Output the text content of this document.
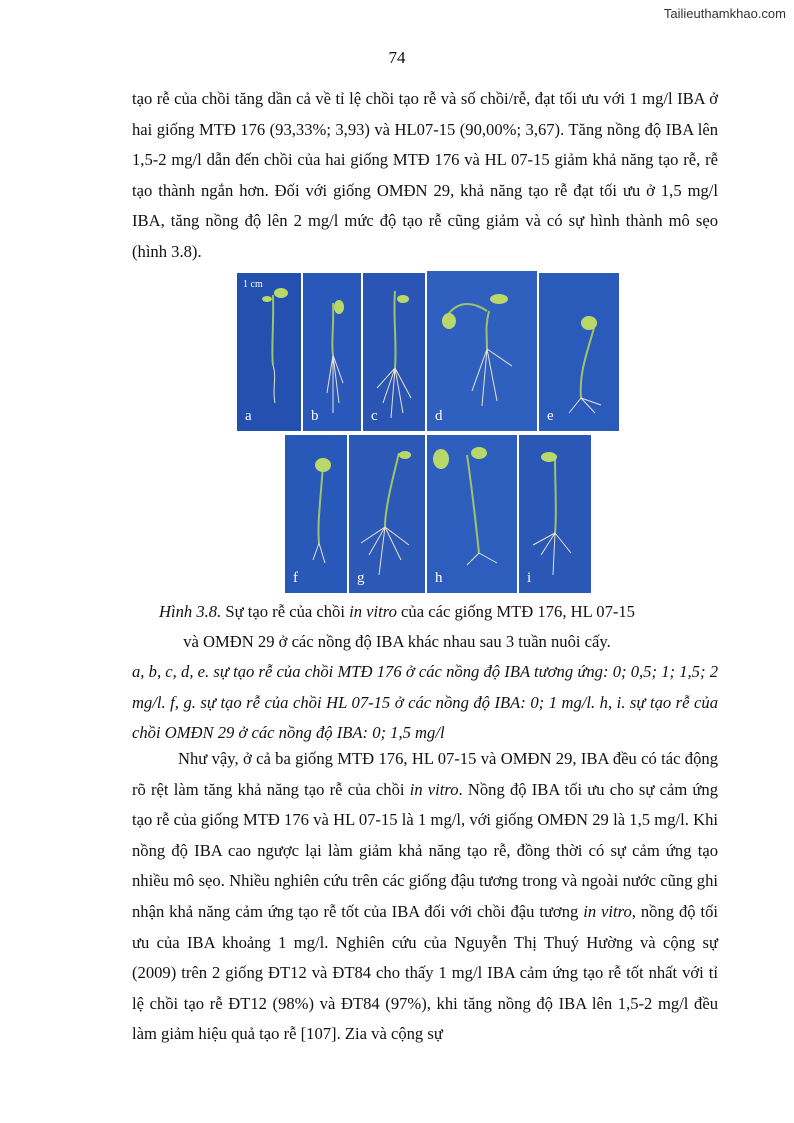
Tailieuthamkhao.com
74

tạo rễ của chồi tăng dần cả về tỉ lệ chồi tạo rễ và số chồi/rễ, đạt tối ưu với 1 mg/l IBA ở hai giống MTĐ 176 (93,33%; 3,93) và HL07-15 (90,00%; 3,67). Tăng nồng độ IBA lên 1,5-2 mg/l dẫn đến chồi của hai giống MTĐ 176 và HL 07-15 giảm khả năng tạo rễ, rễ tạo thành ngắn hơn. Đối với giống OMĐN 29, khả năng tạo rễ đạt tối ưu ở 1,5 mg/l IBA, tăng nồng độ lên 2 mg/l mức độ tạo rễ cũng giảm và có sự hình thành mô sẹo (hình 3.8).

1 cm
a	b	c	d	e
f	g	h	i
Hình 3.8. Sự tạo rễ của chồi in vitro của các giống MTĐ 176, HL 07-15
và OMĐN 29 ở các nồng độ IBA khác nhau sau 3 tuần nuôi cấy.

a, b, c, d, e. sự tạo rễ của chồi MTĐ 176 ở các nồng độ IBA tương ứng: 0; 0,5; 1; 1,5; 2 mg/l. f, g. sự tạo rễ của chồi HL 07-15 ở các nồng độ IBA: 0; 1 mg/l. h, i. sự tạo rễ của chồi OMĐN 29 ở các nồng độ IBA: 0; 1,5 mg/l

Như vậy, ở cả ba giống MTĐ 176, HL 07-15 và OMĐN 29, IBA đều có tác động rõ rệt làm tăng khả năng tạo rễ của chồi in vitro. Nồng độ IBA tối ưu cho sự cảm ứng tạo rễ của giống MTĐ 176 và HL 07-15 là 1 mg/l, với giống OMĐN 29 là 1,5 mg/l. Khi nồng độ IBA cao ngược lại làm giảm khả năng tạo rễ, đồng thời có sự cảm ứng tạo nhiều mô sẹo. Nhiều nghiên cứu trên các giống đậu tương trong và ngoài nước cũng ghi nhận khả năng cảm ứng tạo rễ tốt của IBA đối với chồi đậu tương in vitro, nồng độ tối ưu của IBA khoảng 1 mg/l. Nghiên cứu của Nguyễn Thị Thuý Hường và cộng sự (2009) trên 2 giống ĐT12 và ĐT84 cho thấy 1 mg/l IBA cảm ứng tạo rễ tốt nhất với tỉ lệ chồi tạo rễ ĐT12 (98%) và ĐT84 (97%), khi tăng nồng độ IBA lên 1,5-2 mg/l đều làm giảm hiệu quả tạo rễ [107]. Zia và cộng sự
